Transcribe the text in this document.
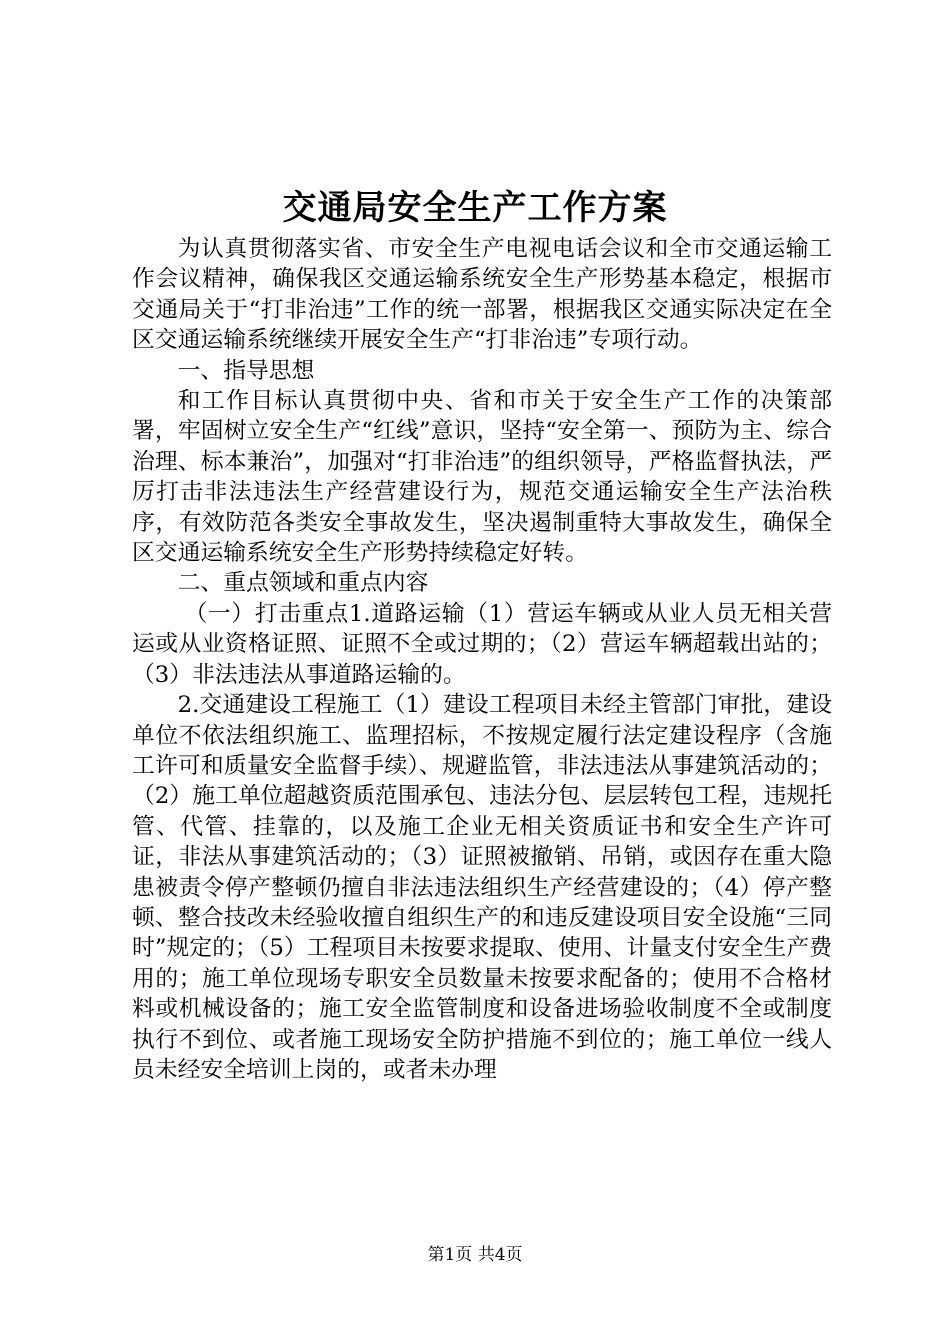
交通局安全生产工作方案

为认真贯彻落实省、市安全生产电视电话会议和全市交通运输工作会议精神，确保我区交通运输系统安全生产形势基本稳定，根据市交通局关于“打非治违”工作的统一部署，根据我区交通实际决定在全区交通运输系统继续开展安全生产“打非治违”专项行动。

一、指导思想

和工作目标认真贯彻中央、省和市关于安全生产工作的决策部署，牢固树立安全生产“红线”意识，坚持“安全第一、预防为主、综合治理、标本兼治”，加强对“打非治违”的组织领导，严格监督执法，严厉打击非法违法生产经营建设行为，规范交通运输安全生产法治秩序，有效防范各类安全事故发生，坚决遏制重特大事故发生，确保全区交通运输系统安全生产形势持续稳定好转。

二、重点领域和重点内容

（一）打击重点1.道路运输（1）营运车辆或从业人员无相关营运或从业资格证照、证照不全或过期的；（2）营运车辆超载出站的；（3）非法违法从事道路运输的。

2.交通建设工程施工（1）建设工程项目未经主管部门审批，建设单位不依法组织施工、监理招标，不按规定履行法定建设程序（含施工许可和质量安全监督手续）、规避监管，非法违法从事建筑活动的；（2）施工单位超越资质范围承包、违法分包、层层转包工程，违规托管、代管、挂靠的，以及施工企业无相关资质证书和安全生产许可证，非法从事建筑活动的；（3）证照被撤销、吊销，或因存在重大隐患被责令停产整顿仍擅自非法违法组织生产经营建设的；（4）停产整顿、整合技改未经验收擅自组织生产的和违反建设项目安全设施“三同时”规定的；（5）工程项目未按要求提取、使用、计量支付安全生产费用的；施工单位现场专职安全员数量未按要求配备的；使用不合格材料或机械设备的；施工安全监管制度和设备进场验收制度不全或制度执行不到位、或者施工现场安全防护措施不到位的；施工单位一线人员未经安全培训上岗的，或者未办理

第1页 共4页
